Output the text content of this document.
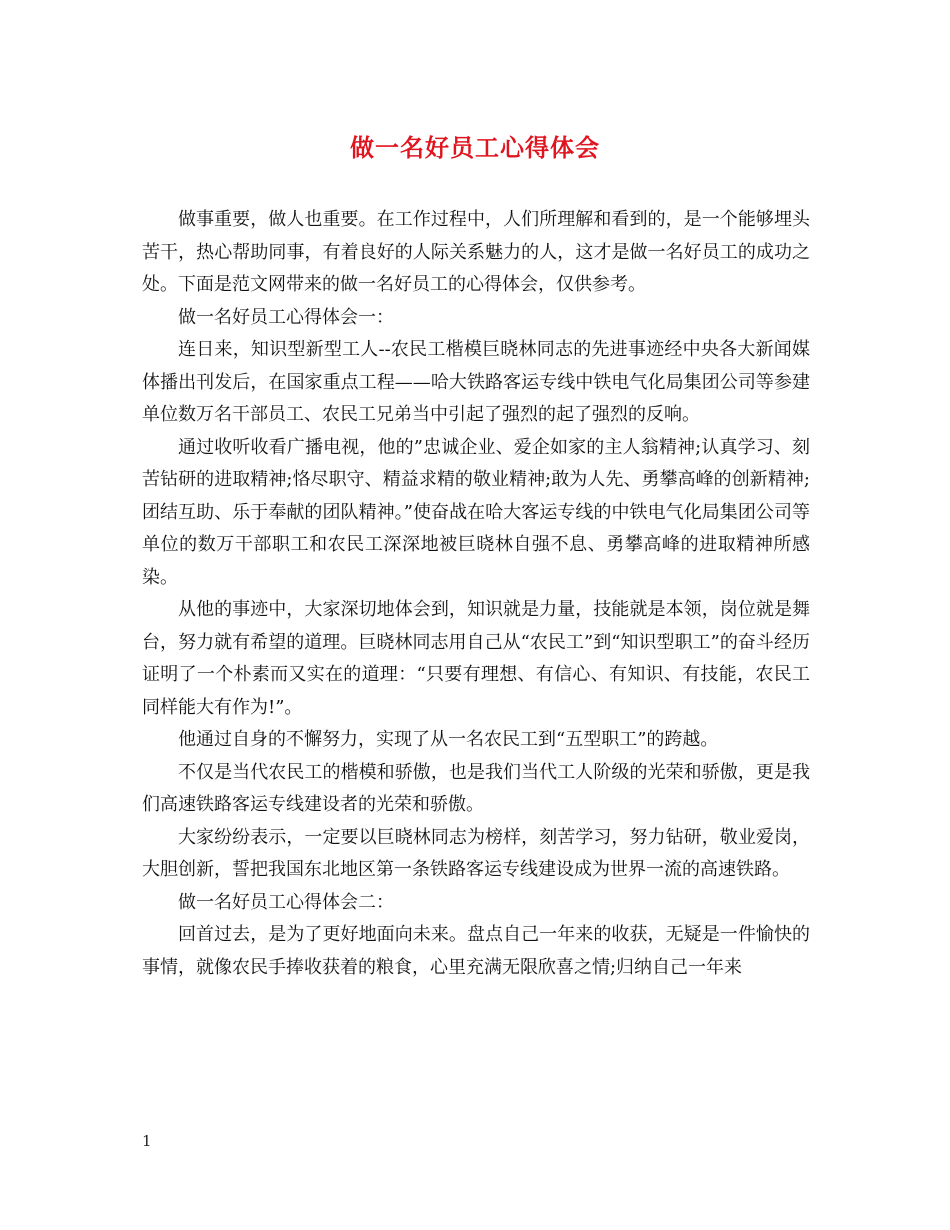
做一名好员工心得体会

做事重要，做人也重要。在工作过程中，人们所理解和看到的，是一个能够埋头苦干，热心帮助同事，有着良好的人际关系魅力的人，这才是做一名好员工的成功之处。下面是范文网带来的做一名好员工的心得体会，仅供参考。

做一名好员工心得体会一：

连日来，知识型新型工人--农民工楷模巨晓林同志的先进事迹经中央各大新闻媒体播出刊发后，在国家重点工程——哈大铁路客运专线中铁电气化局集团公司等参建单位数万名干部员工、农民工兄弟当中引起了强烈的起了强烈的反响。

通过收听收看广播电视，他的”忠诚企业、爱企如家的主人翁精神;认真学习、刻苦钻研的进取精神;恪尽职守、精益求精的敬业精神;敢为人先、勇攀高峰的创新精神;团结互助、乐于奉献的团队精神。”使奋战在哈大客运专线的中铁电气化局集团公司等单位的数万干部职工和农民工深深地被巨晓林自强不息、勇攀高峰的进取精神所感染。

从他的事迹中，大家深切地体会到，知识就是力量，技能就是本领，岗位就是舞台，努力就有希望的道理。巨晓林同志用自己从“农民工”到“知识型职工”的奋斗经历证明了一个朴素而又实在的道理：“只要有理想、有信心、有知识、有技能，农民工同样能大有作为!”。

他通过自身的不懈努力，实现了从一名农民工到“五型职工”的跨越。

不仅是当代农民工的楷模和骄傲，也是我们当代工人阶级的光荣和骄傲，更是我们高速铁路客运专线建设者的光荣和骄傲。

大家纷纷表示，一定要以巨晓林同志为榜样，刻苦学习，努力钻研，敬业爱岗，大胆创新，誓把我国东北地区第一条铁路客运专线建设成为世界一流的高速铁路。

做一名好员工心得体会二：

回首过去，是为了更好地面向未来。盘点自己一年来的收获，无疑是一件愉快的事情，就像农民手捧收获着的粮食，心里充满无限欣喜之情;归纳自己一年来

1
